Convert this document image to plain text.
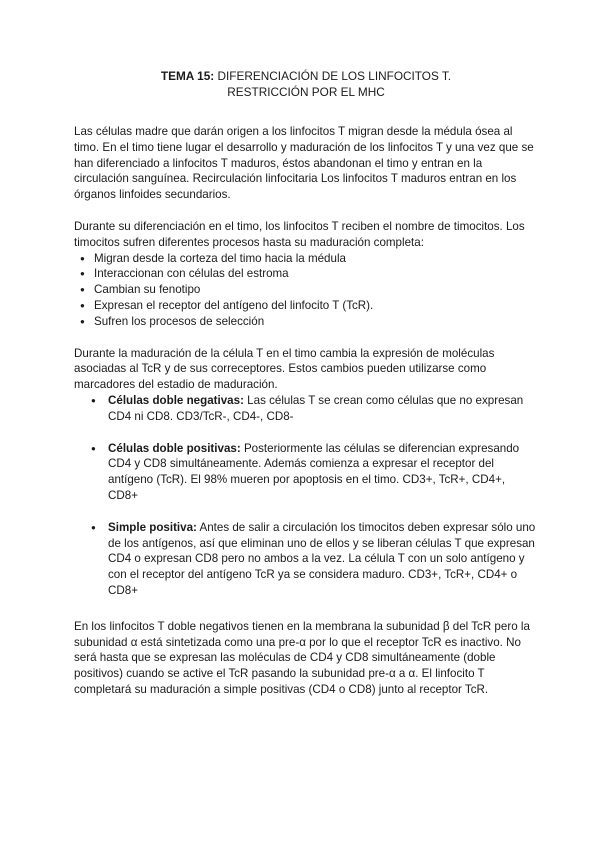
TEMA 15: DIFERENCIACIÓN DE LOS LINFOCITOS T.
RESTRICCIÓN POR EL MHC

Las células madre que darán origen a los linfocitos T migran desde la médula ósea al timo. En el timo tiene lugar el desarrollo y maduración de los linfocitos T y una vez que se han diferenciado a linfocitos T maduros, éstos abandonan el timo y entran en la circulación sanguínea. Recirculación linfocitaria Los linfocitos T maduros entran en los órganos linfoides secundarios.

Durante su diferenciación en el timo, los linfocitos T reciben el nombre de timocitos. Los timocitos sufren diferentes procesos hasta su maduración completa:

● Migran desde la corteza del timo hacia la médula
● Interaccionan con células del estroma
● Cambian su fenotipo
● Expresan el receptor del antígeno del linfocito T (TcR).
● Sufren los procesos de selección

Durante la maduración de la célula T en el timo cambia la expresión de moléculas asociadas al TcR y de sus correceptores. Estos cambios pueden utilizarse como marcadores del estadio de maduración.

● Células doble negativas: Las células T se crean como células que no expresan CD4 ni CD8. CD3/TcR-, CD4-, CD8-
● Células doble positivas: Posteriormente las células se diferencian expresando CD4 y CD8 simultáneamente. Además comienza a expresar el receptor del antígeno (TcR). El 98% mueren por apoptosis en el timo. CD3+, TcR+, CD4+, CD8+
● Simple positiva: Antes de salir a circulación los timocitos deben expresar sólo uno de los antígenos, así que eliminan uno de ellos y se liberan células T que expresan CD4 o expresan CD8 pero no ambos a la vez. La célula T con un solo antígeno y con el receptor del antígeno TcR ya se considera maduro. CD3+, TcR+, CD4+ o CD8+

En los linfocitos T doble negativos tienen en la membrana la subunidad β del TcR pero la subunidad α está sintetizada como una pre-α por lo que el receptor TcR es inactivo. No será hasta que se expresan las moléculas de CD4 y CD8 simultáneamente (doble positivos) cuando se active el TcR pasando la subunidad pre-α a α. El linfocito T completará su maduración a simple positivas (CD4 o CD8) junto al receptor TcR.
